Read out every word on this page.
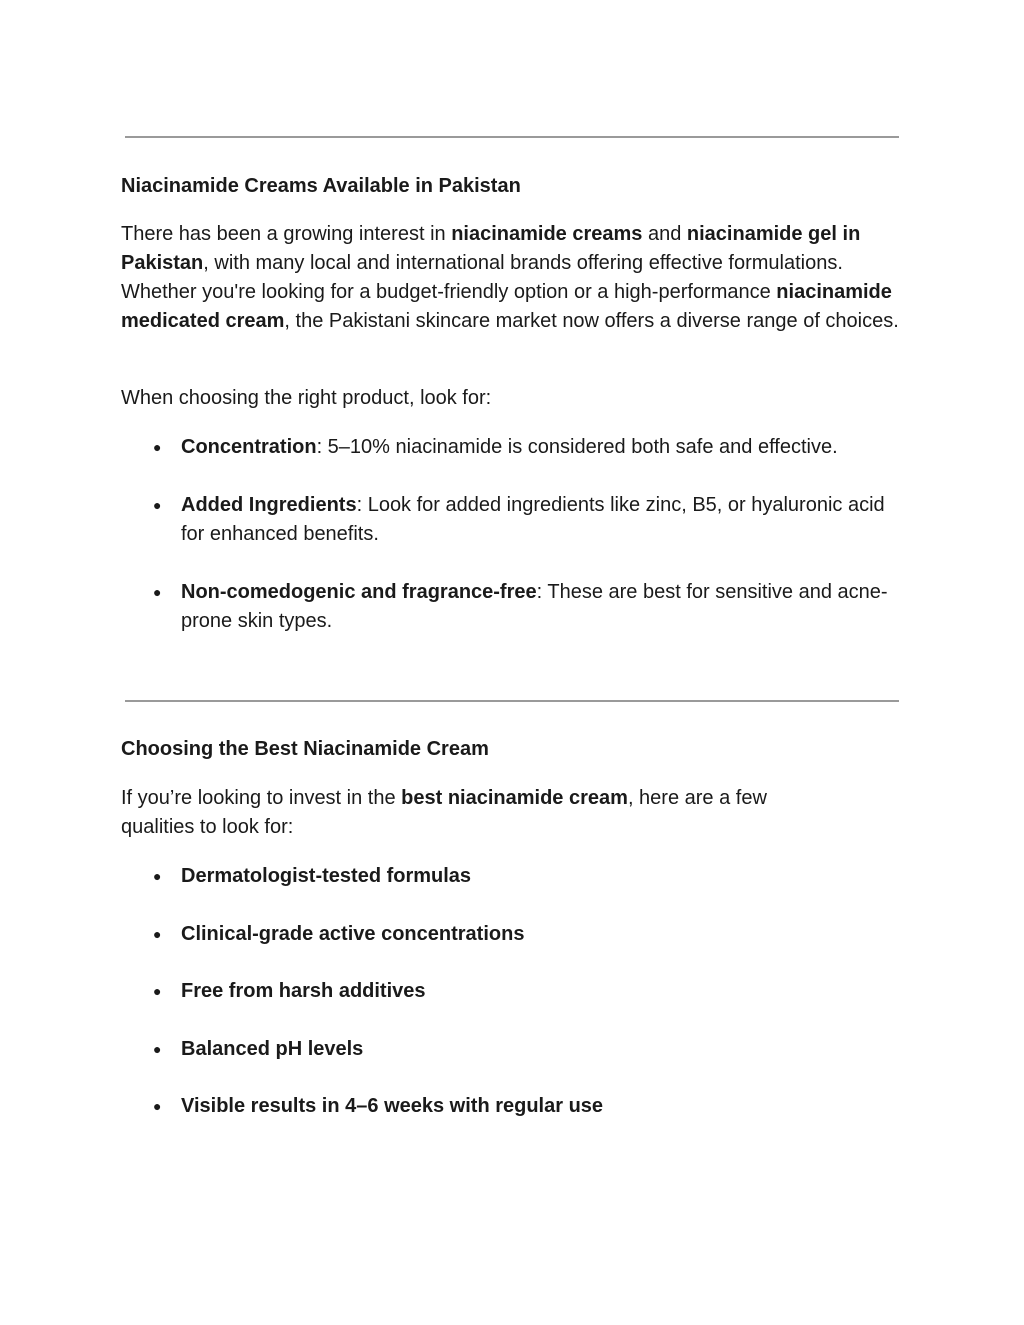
Niacinamide Creams Available in Pakistan

There has been a growing interest in niacinamide creams and niacinamide gel in Pakistan, with many local and international brands offering effective formulations. Whether you're looking for a budget-friendly option or a high-performance niacinamide medicated cream, the Pakistani skincare market now offers a diverse range of choices.

When choosing the right product, look for:

● Concentration: 5–10% niacinamide is considered both safe and effective.
● Added Ingredients: Look for added ingredients like zinc, B5, or hyaluronic acid for enhanced benefits.
● Non-comedogenic and fragrance-free: These are best for sensitive and acne-prone skin types.
Choosing the Best Niacinamide Cream

If you’re looking to invest in the best niacinamide cream, here are a few qualities to look for:

● Dermatologist-tested formulas
● Clinical-grade active concentrations
● Free from harsh additives
● Balanced pH levels
● Visible results in 4–6 weeks with regular use
